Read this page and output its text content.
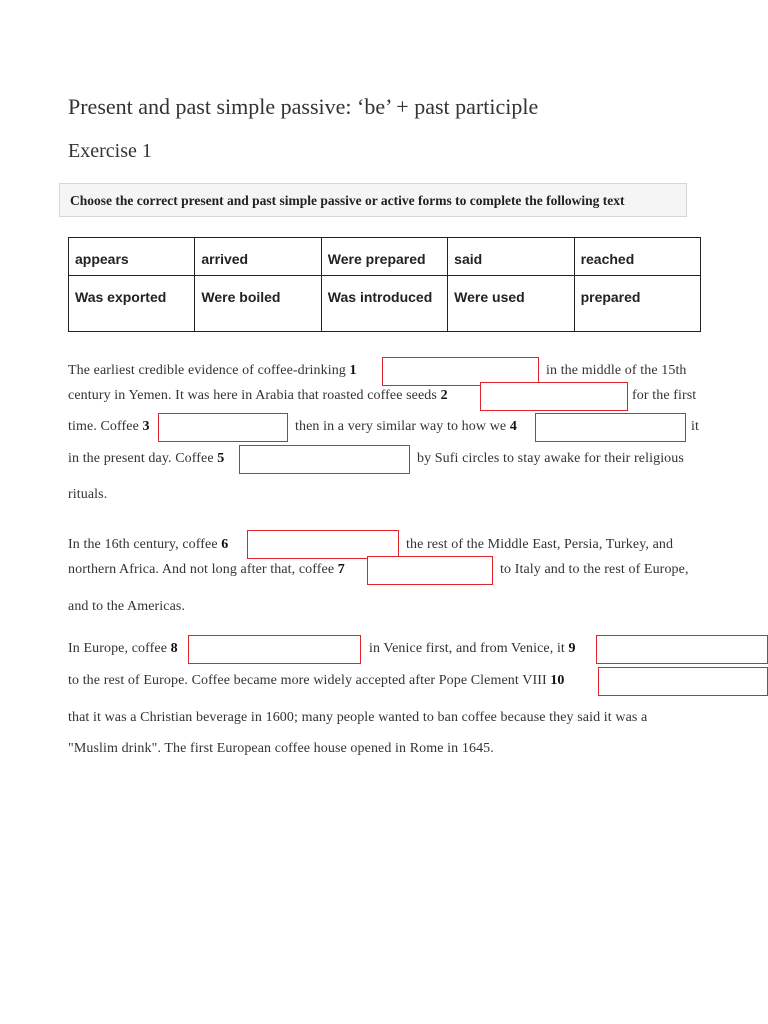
Present and past simple passive: ‘be’ + past participle
Exercise 1
Choose the correct present and past simple passive or active forms to complete the following text
appears	arrived	Were prepared	said	reached
Was exported	Were boiled	Was introduced	Were used	prepared
The earliest credible evidence of coffee-drinking 1	in the middle of the 15th
century in Yemen. It was here in Arabia that roasted coffee seeds 2	for the first
time. Coffee 3	then in a very similar way to how we 4	it
in the present day. Coffee 5	by Sufi circles to stay awake for their religious
rituals.
In the 16th century, coffee 6	the rest of the Middle East, Persia, Turkey, and
northern Africa. And not long after that, coffee 7	to Italy and to the rest of Europe,
and to the Americas.
In Europe, coffee 8	in Venice first, and from Venice, it 9
to the rest of Europe. Coffee became more widely accepted after Pope Clement VIII 10
that it was a Christian beverage in 1600; many people wanted to ban coffee because they said it was a
"Muslim drink". The first European coffee house opened in Rome in 1645.
